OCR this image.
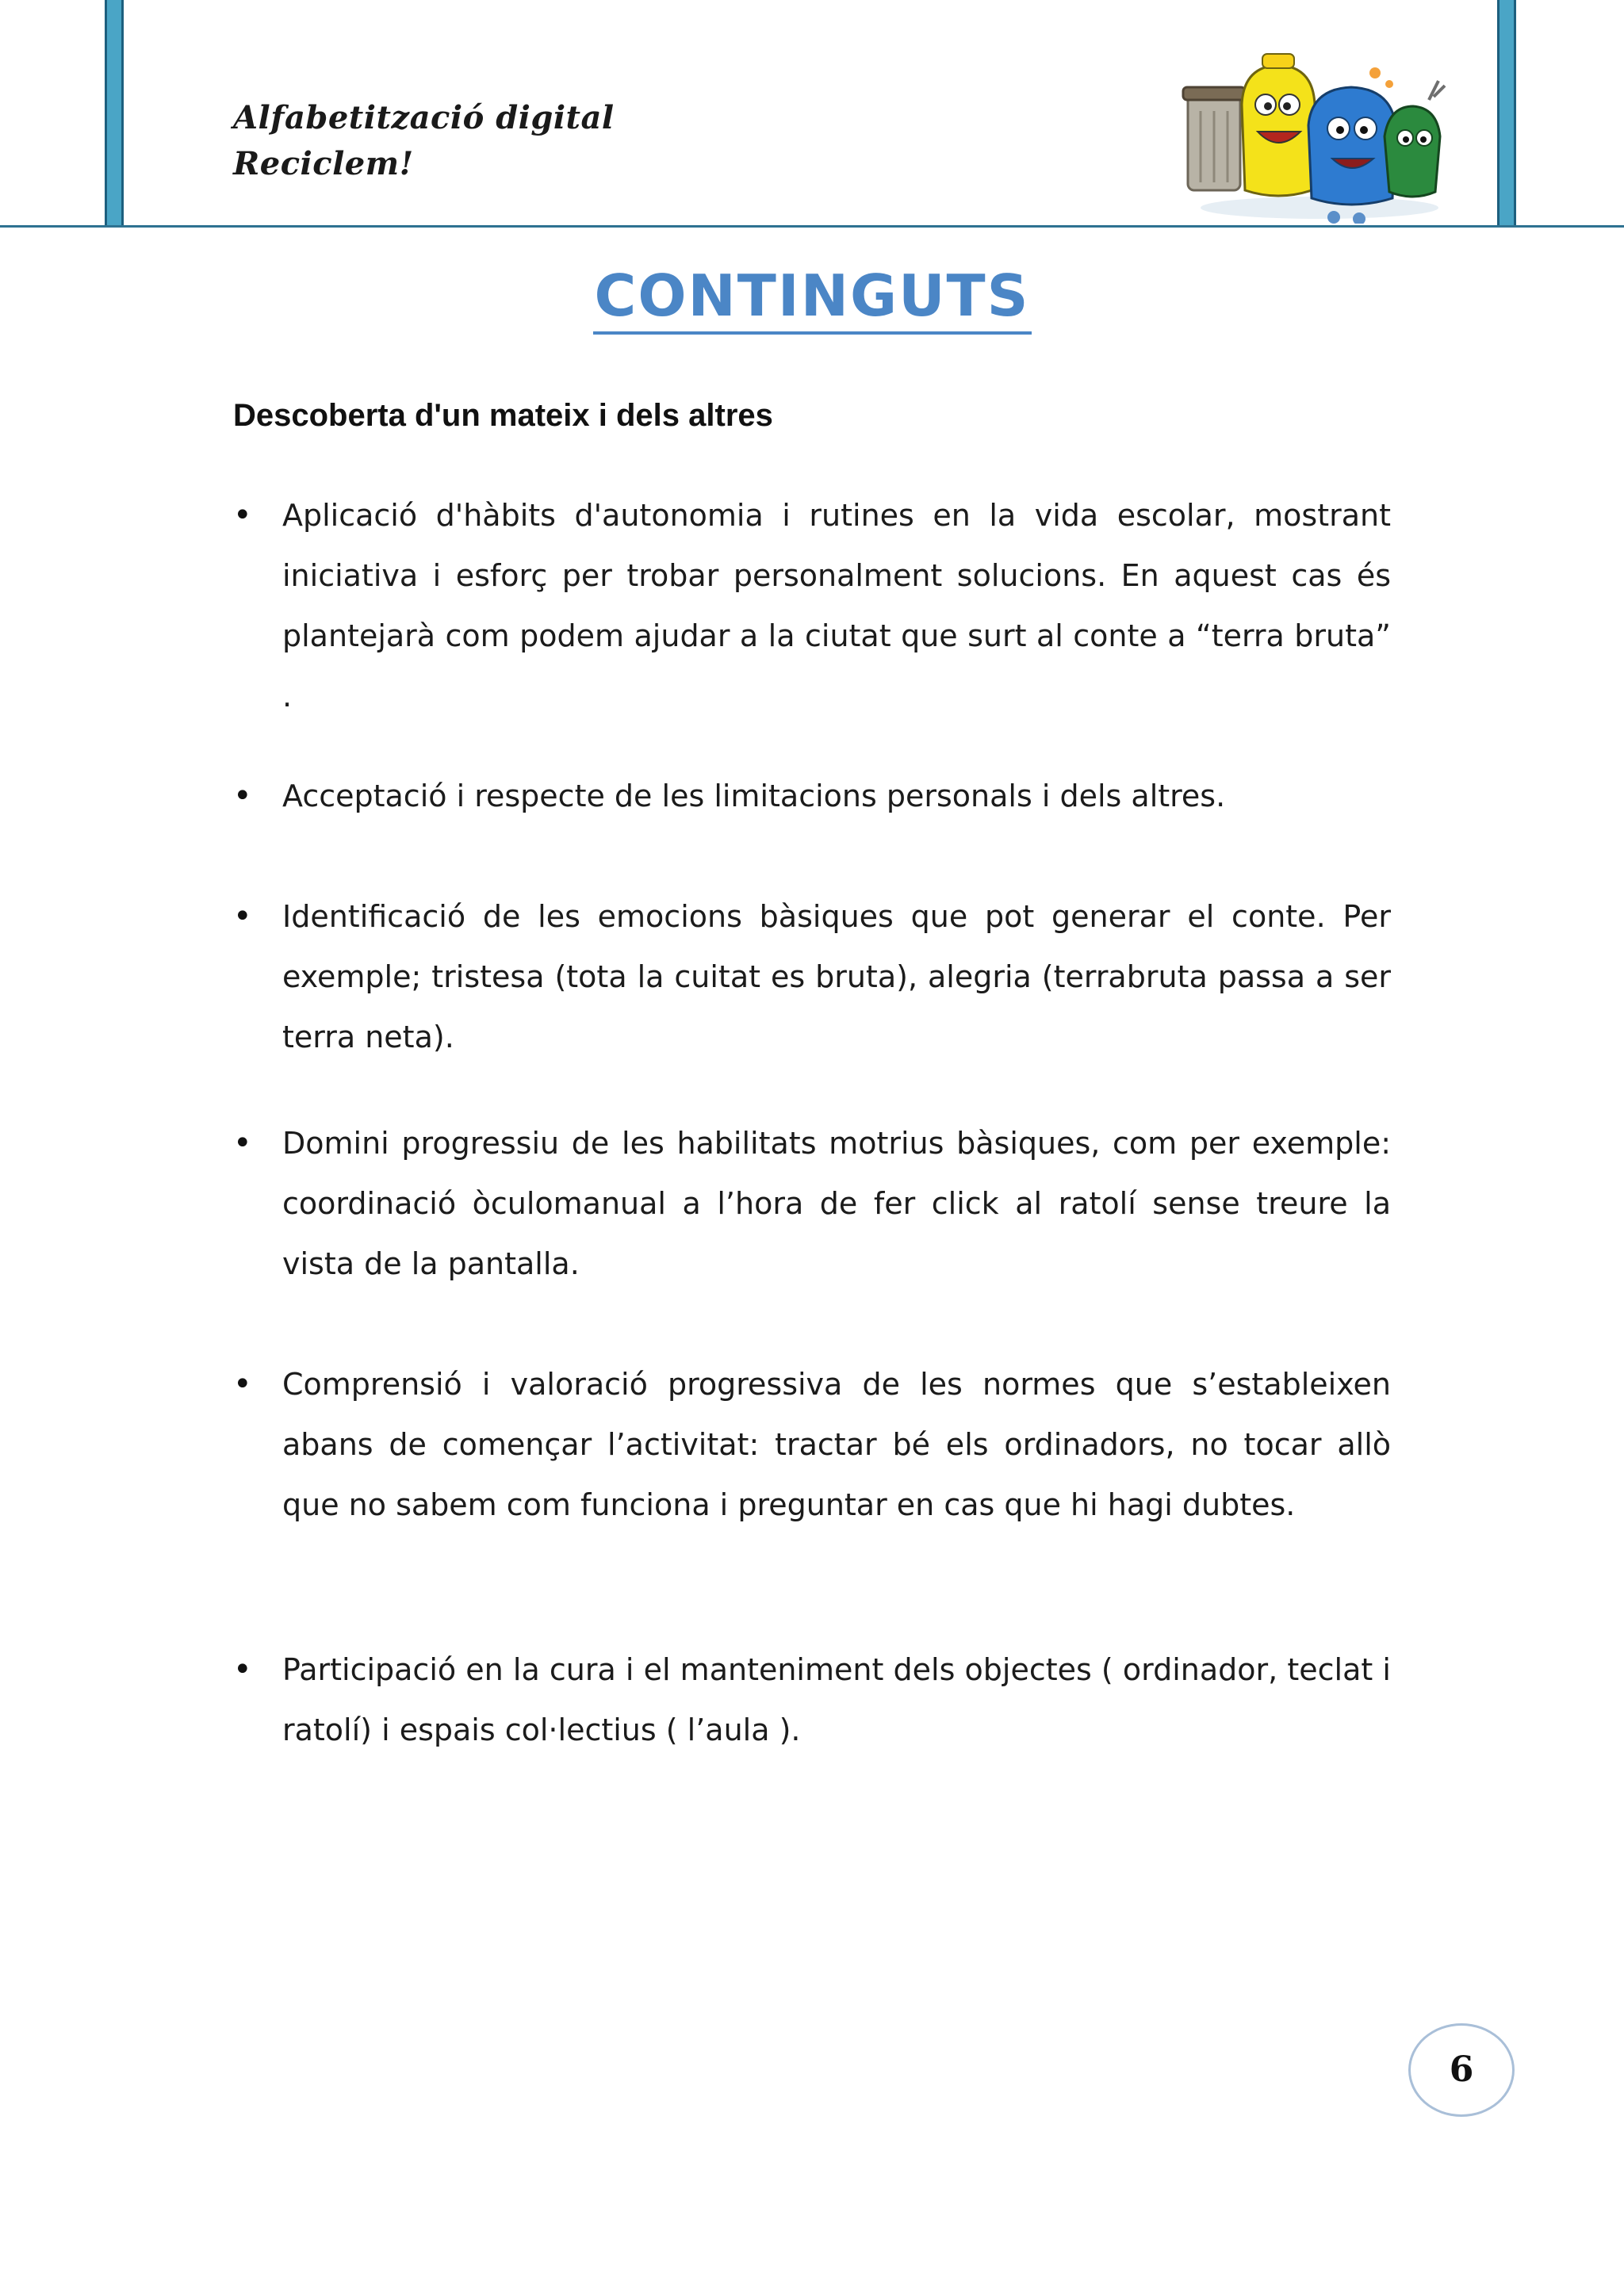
Alfabetització digital
Reciclem!
CONTINGUTS
Descoberta d'un mateix i dels altres
•	Aplicació d'hàbits d'autonomia i rutines en la vida escolar, mostrant iniciativa i esforç per trobar personalment solucions. En aquest cas és plantejarà com podem ajudar a la ciutat que surt al conte a “terra bruta” .
•	Acceptació i respecte de les limitacions personals i dels altres.
•	Identificació de les emocions bàsiques que pot generar el conte. Per exemple; tristesa (tota la cuitat es bruta), alegria (terrabruta passa a ser terra neta).
•	Domini progressiu de les habilitats motrius bàsiques, com per exemple: coordinació òculomanual a l’hora de fer click al ratolí sense treure la vista de la pantalla.
•	Comprensió i valoració progressiva de les normes que s’estableixen abans de començar l’activitat: tractar bé els ordinadors, no tocar allò que no sabem com funciona i preguntar en cas que hi hagi dubtes.
•	Participació en la cura i el manteniment dels objectes ( ordinador, teclat i ratolí) i espais col·lectius ( l’aula ).
6
